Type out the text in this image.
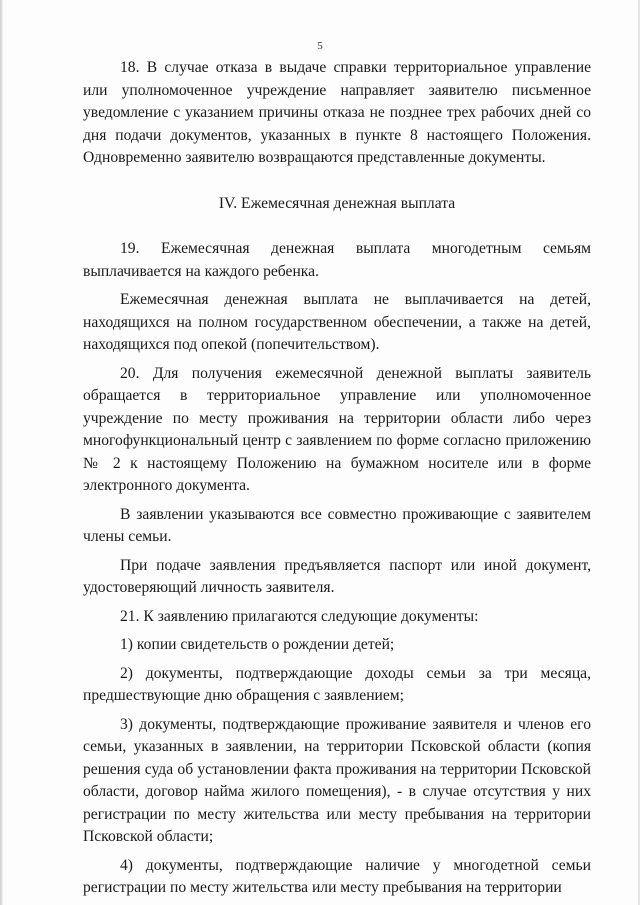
5

18. В случае отказа в выдаче справки территориальное управление или уполномоченное учреждение направляет заявителю письменное уведомление с указанием причины отказа не позднее трех рабочих дней со дня подачи документов, указанных в пункте 8 настоящего Положения. Одновременно заявителю возвращаются представленные документы.

IV. Ежемесячная денежная выплата

19. Ежемесячная денежная выплата многодетным семьям выплачивается на каждого ребенка.

Ежемесячная денежная выплата не выплачивается на детей, находящихся на полном государственном обеспечении, а также на детей, находящихся под опекой (попечительством).

20. Для получения ежемесячной денежной выплаты заявитель обращается в территориальное управление или уполномоченное учреждение по месту проживания на территории области либо через многофункциональный центр с заявлением по форме согласно приложению № 2 к настоящему Положению на бумажном носителе или в форме электронного документа.

В заявлении указываются все совместно проживающие с заявителем члены семьи.

При подаче заявления предъявляется паспорт или иной документ, удостоверяющий личность заявителя.

21. К заявлению прилагаются следующие документы:

1) копии свидетельств о рождении детей;

2) документы, подтверждающие доходы семьи за три месяца, предшествующие дню обращения с заявлением;

3) документы, подтверждающие проживание заявителя и членов его семьи, указанных в заявлении, на территории Псковской области (копия решения суда об установлении факта проживания на территории Псковской области, договор найма жилого помещения), - в случае отсутствия у них регистрации по месту жительства или месту пребывания на территории Псковской области;

4) документы, подтверждающие наличие у многодетной семьи регистрации по месту жительства или месту пребывания на территории
